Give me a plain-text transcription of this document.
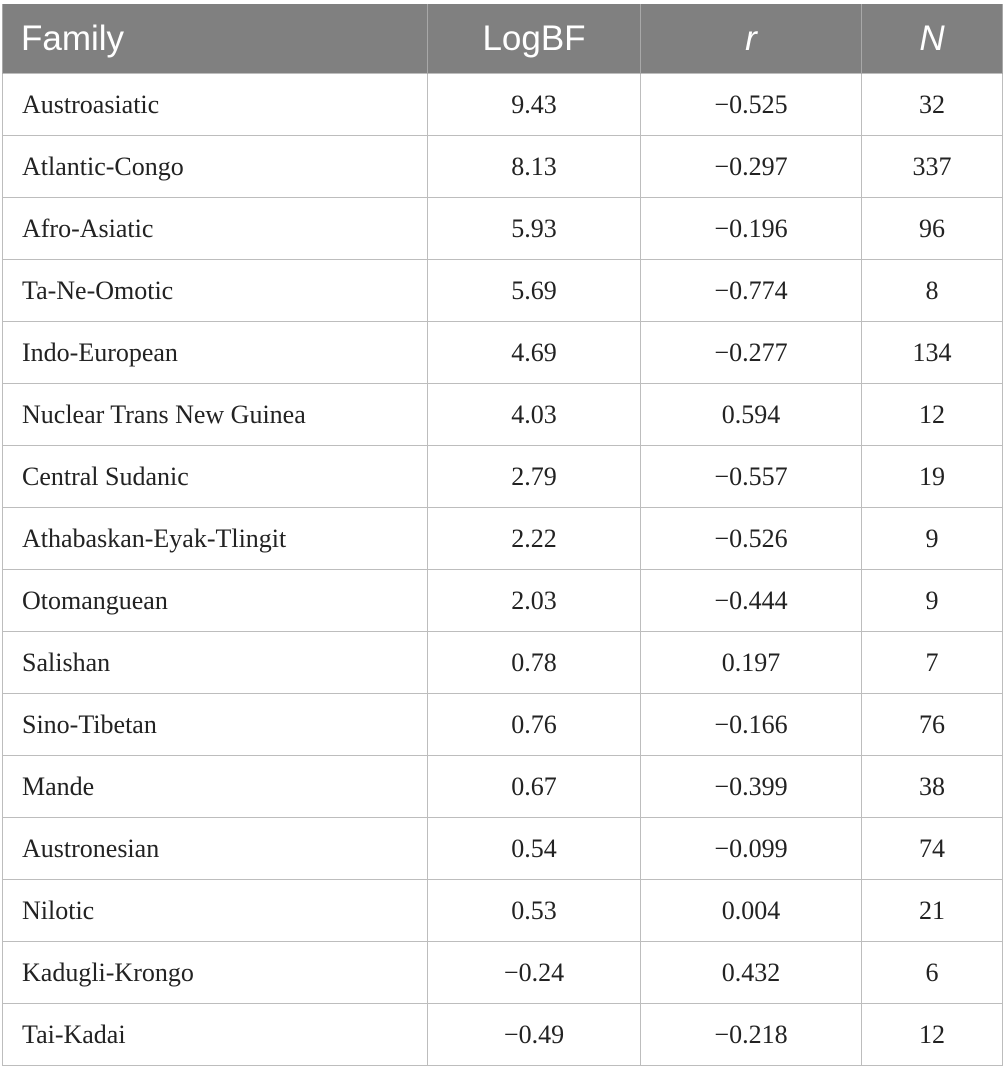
Family	LogBF	r	N
Austroasiatic	9.43	−0.525	32
Atlantic-Congo	8.13	−0.297	337
Afro-Asiatic	5.93	−0.196	96
Ta-Ne-Omotic	5.69	−0.774	8
Indo-European	4.69	−0.277	134
Nuclear Trans New Guinea	4.03	0.594	12
Central Sudanic	2.79	−0.557	19
Athabaskan-Eyak-Tlingit	2.22	−0.526	9
Otomanguean	2.03	−0.444	9
Salishan	0.78	0.197	7
Sino-Tibetan	0.76	−0.166	76
Mande	0.67	−0.399	38
Austronesian	0.54	−0.099	74
Nilotic	0.53	0.004	21
Kadugli-Krongo	−0.24	0.432	6
Tai-Kadai	−0.49	−0.218	12
